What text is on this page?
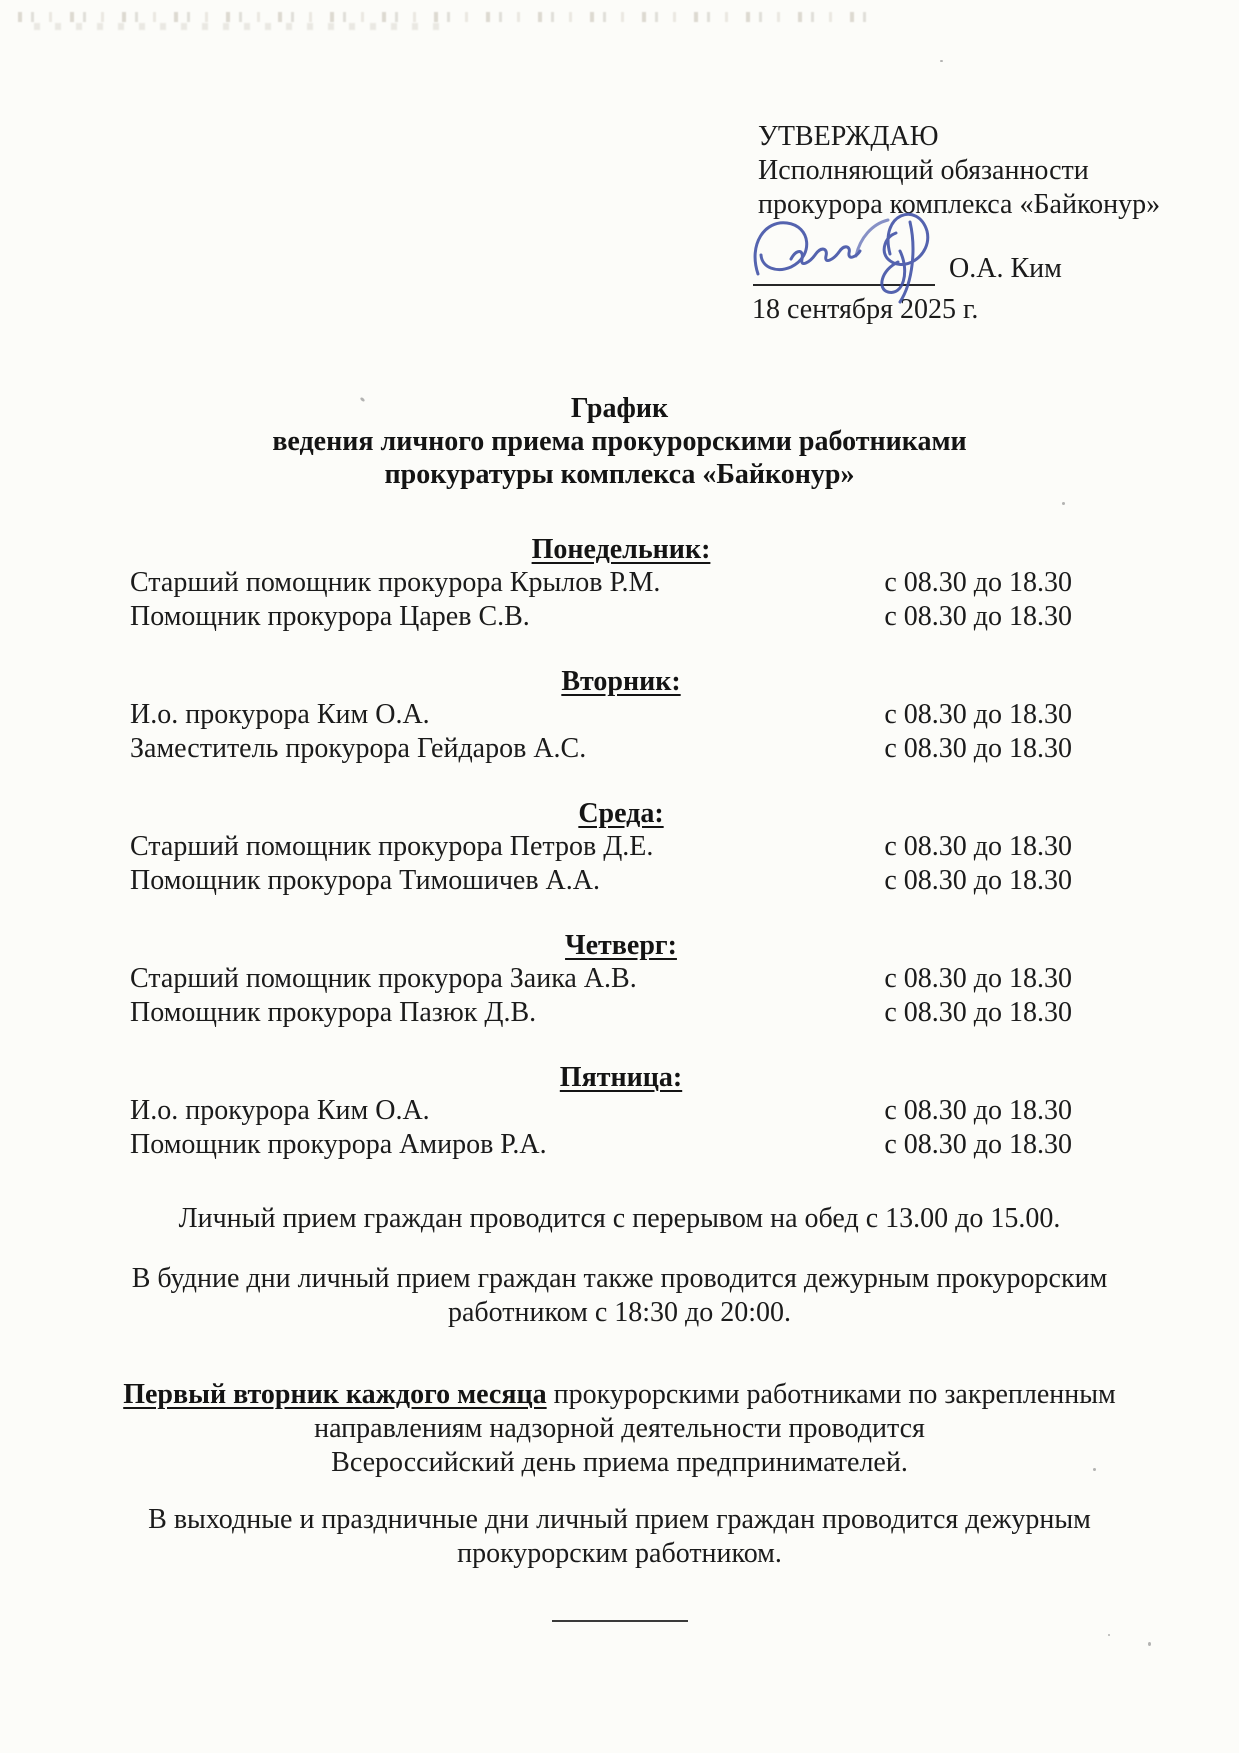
УТВЕРЖДАЮ
Исполняющий обязанности
прокурора комплекса «Байконур»
О.А. Ким
18 сентября 2025 г.
График
ведения личного приема прокурорскими работниками
прокуратуры комплекса «Байконур»
Понедельник:
Старший помощник прокурора Крылов Р.М.	с 08.30 до 18.30
Помощник прокурора Царев С.В.	с 08.30 до 18.30
Вторник:
И.о. прокурора Ким О.А.	с 08.30 до 18.30
Заместитель прокурора Гейдаров А.С.	с 08.30 до 18.30
Среда:
Старший помощник прокурора Петров Д.Е.	с 08.30 до 18.30
Помощник прокурора Тимошичев А.А.	с 08.30 до 18.30
Четверг:
Старший помощник прокурора Заика А.В.	с 08.30 до 18.30
Помощник прокурора Пазюк Д.В.	с 08.30 до 18.30
Пятница:
И.о. прокурора Ким О.А.	с 08.30 до 18.30
Помощник прокурора Амиров Р.А.	с 08.30 до 18.30
Личный прием граждан проводится с перерывом на обед с 13.00 до 15.00.
В будние дни личный прием граждан также проводится дежурным прокурорским
работником с 18:30 до 20:00.
Первый вторник каждого месяца прокурорскими работниками по закрепленным
направлениям надзорной деятельности проводится
Всероссийский день приема предпринимателей.
В выходные и праздничные дни личный прием граждан проводится дежурным
прокурорским работником.
